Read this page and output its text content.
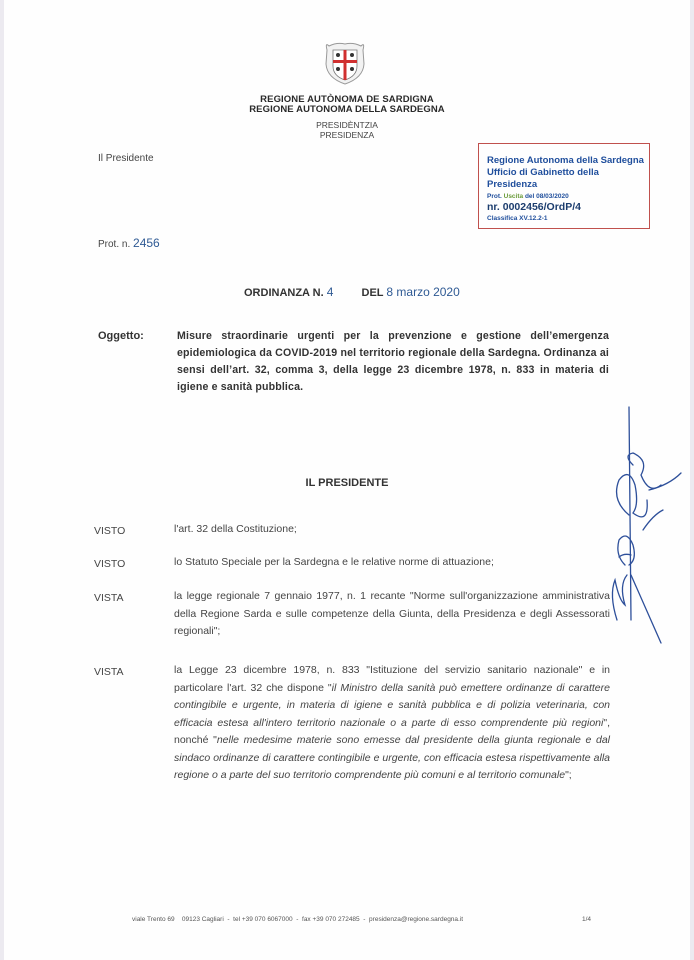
REGIONE AUTÒNOMA DE SARDIGNA
REGIONE AUTONOMA DELLA SARDEGNA
PRESIDÈNTZIA
PRESIDENZA
Il Presidente	Regione Autonoma della Sardegna
Ufficio di Gabinetto della Presidenza
Prot. Uscita del 08/03/2020
nr. 0002456/OrdP/4
Classifica XV.12.2-1
Prot. n. 2456
ORDINANZA N. 4	DEL 8 marzo 2020
Oggetto:	Misure straordinarie urgenti per la prevenzione e gestione dell’emergenza epidemiologica da COVID-2019 nel territorio regionale della Sardegna. Ordinanza ai sensi dell’art. 32, comma 3, della legge 23 dicembre 1978, n. 833 in materia di igiene e sanità pubblica.
IL PRESIDENTE
VISTO	l'art. 32 della Costituzione;
VISTO	lo Statuto Speciale per la Sardegna e le relative norme di attuazione;
VISTA	la legge regionale 7 gennaio 1977, n. 1 recante "Norme sull'organizzazione amministrativa della Regione Sarda e sulle competenze della Giunta, della Presidenza e degli Assessorati regionali";
VISTA	la Legge 23 dicembre 1978, n. 833 "Istituzione del servizio sanitario nazionale" e in particolare l'art. 32 che dispone "il Ministro della sanità può emettere ordinanze di carattere contingibile e urgente, in materia di igiene e sanità pubblica e di polizia veterinaria, con efficacia estesa all'intero territorio nazionale o a parte di esso comprendente più regioni", nonché "nelle medesime materie sono emesse dal presidente della giunta regionale e dal sindaco ordinanze di carattere contingibile e urgente, con efficacia estesa rispettivamente alla regione o a parte del suo territorio comprendente più comuni e al territorio comunale";
viale Trento 69    09123 Cagliari  -  tel +39 070 6067000  -  fax +39 070 272485  -  presidenza@regione.sardegna.it	1/4
